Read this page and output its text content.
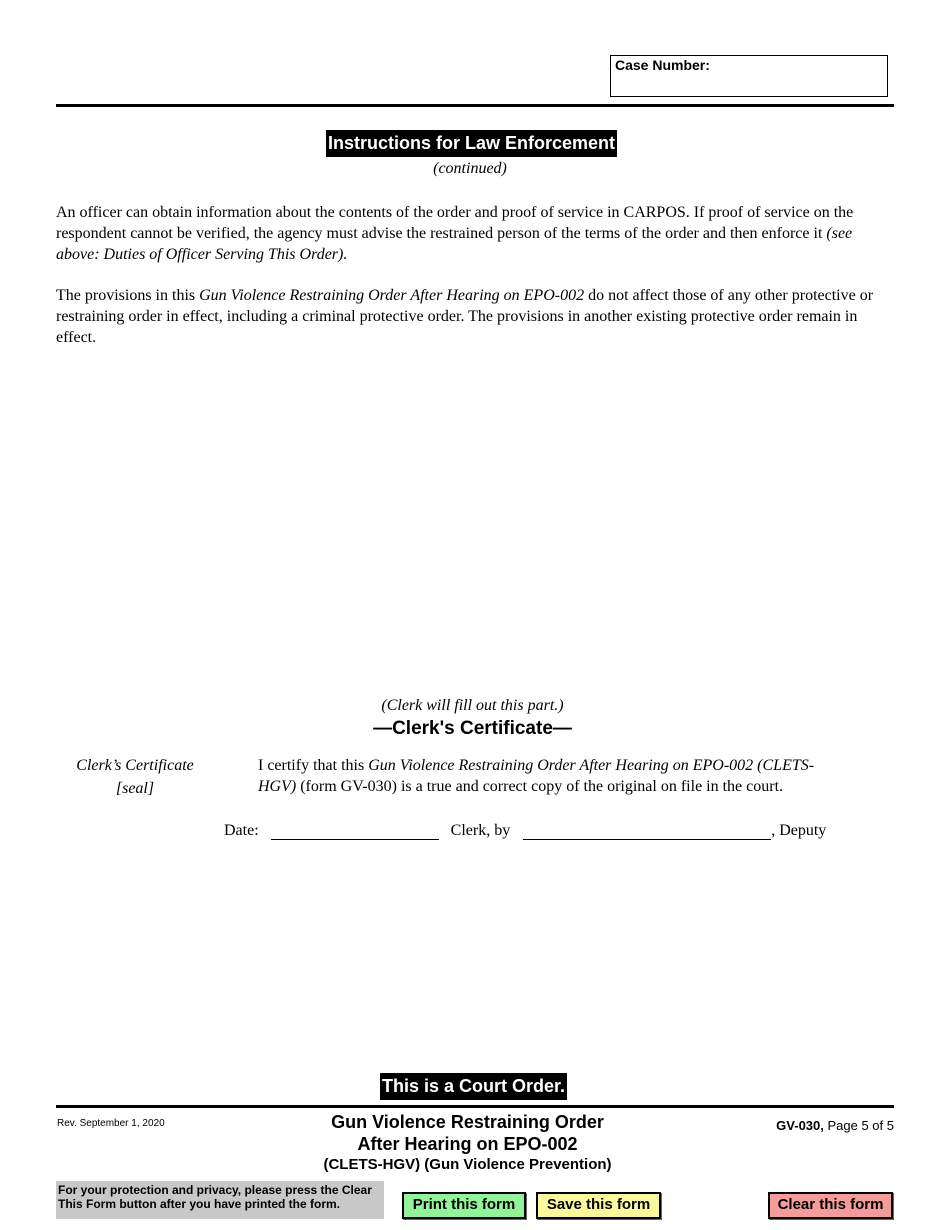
Case Number:
Instructions for Law Enforcement
(continued)
An officer can obtain information about the contents of the order and proof of service in CARPOS. If proof of service on the respondent cannot be verified, the agency must advise the restrained person of the terms of the order and then enforce it (see above: Duties of Officer Serving This Order).
The provisions in this Gun Violence Restraining Order After Hearing on EPO-002 do not affect those of any other protective or restraining order in effect, including a criminal protective order. The provisions in another existing protective order remain in effect.
(Clerk will fill out this part.)
—Clerk's Certificate—
Clerk’s Certificate
[seal]
I certify that this Gun Violence Restraining Order After Hearing on EPO-002 (CLETS-HGV) (form GV-030) is a true and correct copy of the original on file in the court.
Date:	Clerk, by	, Deputy
This is a Court Order.
Rev. September 1, 2020	Gun Violence Restraining Order
After Hearing on EPO-002
(CLETS-HGV) (Gun Violence Prevention)
GV-030, Page 5 of 5
For your protection and privacy, please press the Clear This Form button after you have printed the form.	Print this form	Save this form	Clear this form
